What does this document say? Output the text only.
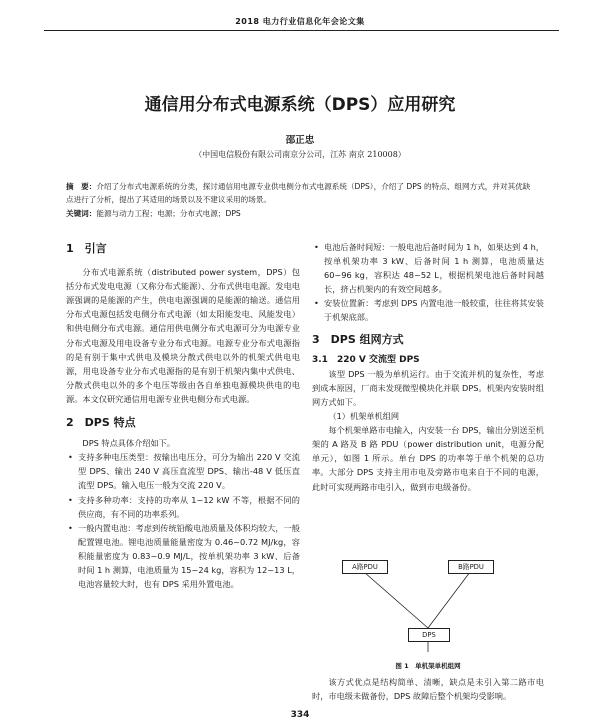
2018 电力行业信息化年会论文集
通信用分布式电源系统（DPS）应用研究
邵正忠
（中国电信股份有限公司南京分公司，江苏 南京 210008）
摘　要：介绍了分布式电源系统的分类，探讨通信用电源专业供电侧分布式电源系统（DPS），介绍了 DPS 的特点、组网方式，并对其优缺点进行了分析，提出了其适用的场景以及不建议采用的场景。
关键词：能源与动力工程；电源；分布式电源；DPS

1　引言

分布式电源系统（distributed power system，DPS）包括分布式发电电源（又称分布式能源）、分布式供电电源。发电电源强调的是能源的产生，供电电源强调的是能源的输送。通信用分布式电源包括发电侧分布式电源（如太阳能发电、风能发电）和供电侧分布式电源。通信用供电侧分布式电源可分为电源专业分布式电源及用电设备专业分布式电源。电源专业分布式电源指的是有别于集中式供电及模块分散式供电以外的机架式供电电源，用电设备专业分布式电源指的是有别于机架内集中式供电、分散式供电以外的多个电压等级由各自单独电源模块供电的电源。本文仅研究通信用电源专业供电侧分布式电源。

2　DPS 特点

DPS 特点具体介绍如下。

• 支持多种电压类型：按输出电压分，可分为输出 220 V 交流型 DPS、输出 240 V 高压直流型 DPS、输出-48 V 低压直流型 DPS。输入电压一般为交流 220 V。

• 支持多种功率：支持的功率从 1~12 kW 不等，根据不同的供应商，有不同的功率系列。

• 一般内置电池：考虑到传统铅酸电池质量及体积均较大，一般配置锂电池。锂电池质量能量密度为 0.46~0.72 MJ/kg，容积能量密度为 0.83~0.9 MJ/L，按单机架功率 3 kW、后备时间 1 h 测算，电池质量为 15~24 kg，容积为 12~13 L，电池容量较大时，也有 DPS 采用外置电池。

• 电池后备时间短：一般电池后备时间为 1 h，如果达到 4 h，按单机架功率 3 kW、后备时间 1 h 测算，电池质量达 60~96 kg，容积达 48~52 L，根据机架电池后备时间越长，挤占机架内的有效空间越多。

• 安装位置新：考虑到 DPS 内置电池一般较重，往往将其安装于机架底部。

3　DPS 组网方式

3.1　220 V 交流型 DPS

该型 DPS 一般为单机运行。由于交流并机的复杂性，考虑到成本原因，厂商未发现微型模块化并联 DPS。机架内安装时组网方式如下。

（1）机架单机组网

每个机架单路市电输入，内安装一台 DPS，输出分别送至机架的 A 路及 B 路 PDU（power distribution unit，电源分配单元），如图 1 所示。单台 DPS 的功率等于单个机架的总功率。大部分 DPS 支持主用市电及旁路市电来自于不同的电源，此时可实现两路市电引入，做到市电级备份。

A路PDU	B路PDU
DPS
图 1　单机架单机组网

该方式优点是结构简单、清晰，缺点是未引入第二路市电时，市电级未做备份，DPS 故障后整个机架均受影响。

334
